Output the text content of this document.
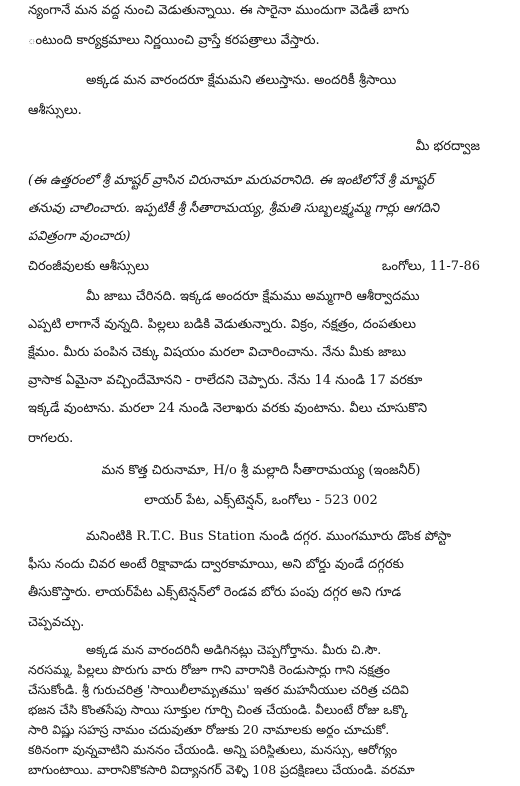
న్యంగానే మన వద్ద నుంచి వెడుతున్నాయి. ఈ సారైనా ముందుగా వెడితే బాగు
ంటుంది కార్యక్రమాలు నిర్ణయించి వ్రాస్తే కరపత్రాలు వేస్తారు.
అక్కడ మన వారందరూ క్షేమమని తలుస్తాను. అందరికీ శ్రీసాయి
ఆశీస్సులు.
మీ భరద్వాజ
(ఈ ఉత్తరంలో శ్రీ మాష్టర్ వ్రాసిన చిరునామా మరువరానిది. ఈ ఇంటిలోనే శ్రీ మాష్టర్
తనువు చాలించారు. ఇప్పటికీ శ్రీ సీతారామయ్య, శ్రీమతి సుబ్బలక్ష్మమ్మ గార్లు ఆగదిని
పవిత్రంగా వుంచారు)
చిరంజీవులకు ఆశీస్సులు	ఒంగోలు, 11-7-86
మీ జాబు చేరినది. ఇక్కడ అందరూ క్షేమము అమ్మగారి ఆశీర్వాదము
ఎప్పటి లాగానే వున్నది. పిల్లలు బడికి వెడుతున్నారు. విక్రం, నక్షత్రం, దంపతులు
క్షేమం. మీరు పంపిన చెక్కు విషయం మరలా విచారించాను. నేను మీకు జాబు
వ్రాసాక ఏమైనా వచ్చిందేమోనని - రాలేదని చెప్పారు. నేను 14 నుండి 17 వరకూ
ఇక్కడే వుంటాను. మరలా 24 నుండి నెలాఖరు వరకు వుంటాను. వీలు చూసుకొని
రాగలరు.
మన కొత్త చిరునామా, H/o శ్రీ మల్లాది సీతారామయ్య (ఇంజనీర్)
లాయర్ పేట, ఎక్స్‌టెన్షన్, ఒంగోలు - 523 002
మనింటికి R.T.C. Bus Station నుండి దగ్గర. ముంగమూరు డొంక పోస్టా
ఫీసు నందు చివర అంటే రిక్షావాడు ద్వారకామాయి, అని బోర్డు వుండే దగ్గరకు
తీసుకొస్తారు. లాయర్‌పేట ఎక్స్‌టెన్షన్‌లో రెండవ బోరు పంపు దగ్గర అని గూడ
చెప్పవచ్చు.
అక్కడ మన వారందరినీ అడిగినట్లు చెప్పగోర్తాను. మీరు చి.సౌ.
నరసమ్మ, పిల్లలు పొరుగు వారు రోజూ గాని వారానికి రెండుసార్లు గాని నక్షత్రం
చేసుకోండి. శ్రీ గురుచరిత్ర 'సాయిలీలామృతము' ఇతర మహనీయుల చరిత్ర చదివి
భజన చేసి కొంతసేపు సాయి సూక్తుల గూర్చి చింత చేయండి. వీలుంటే రోజు ఒక్కొ
సారి విష్ణు సహస్ర నామం చదువుతూ రోజుకు 20 నామాలకు అర్థం చూచుకో.
కఠినంగా వున్నవాటిని మననం చేయండి. అన్ని పరిస్థితులు, మనస్సు, ఆరోగ్యం
బాగుంటాయి. వారానికొకసారి విద్యానగర్ వెళ్ళి 108 ప్రదక్షిణలు చేయండి. వరమా
